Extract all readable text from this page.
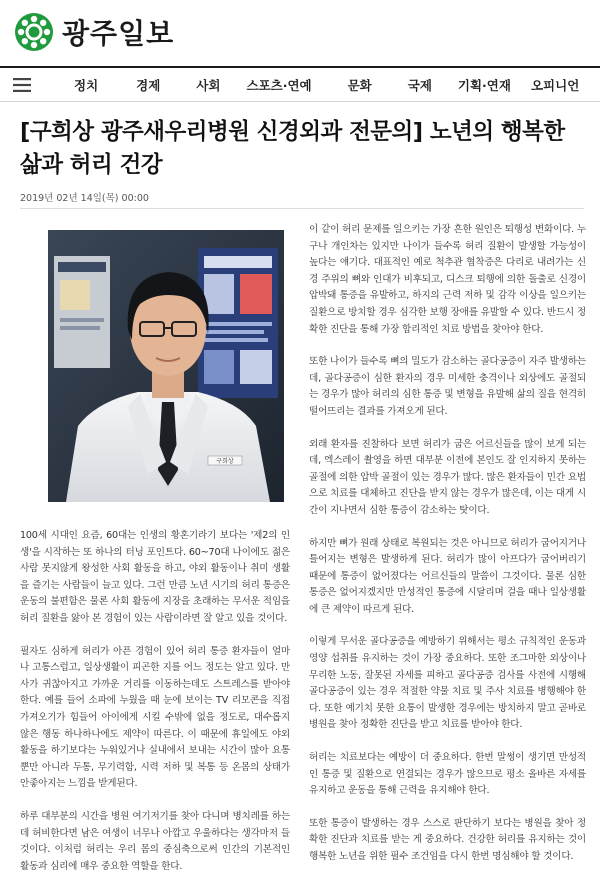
광주일보
정치	경제	사회 스포츠·연예	문화	국제 기획·연재 오피니언
[구희상 광주새우리병원 신경외과 전문의] 노년의 행복한 삶과 허리 건강
2019년 02년 14일(목) 00:00
구희상

100세 시대인 요즘, 60대는 인생의 황혼기라기 보다는 '제2의 인생'을 시작하는 또 하나의 터닝 포인트다. 60~70대 나이에도 젊은 사람 못지않게 왕성한 사회 활동을 하고, 야외 활동이나 취미 생활을 즐기는 사람들이 늘고 있다. 그런 만큼 노년 시기의 허리 통증은 운동의 불편함은 물론 사회 활동에 지장을 초래하는 무서운 적임을 허리 질환을 앓아 본 경험이 있는 사람이라면 잘 알고 있을 것이다.

필자도 심하게 허리가 아픈 경험이 있어 허리 통증 환자들이 얼마나 고통스럽고, 일상생활이 피곤한 지를 어느 정도는 알고 있다. 만사가 귀찮아지고 가까운 거리를 이동하는데도 스트레스를 받아야 한다. 예를 들어 소파에 누웠을 때 눈에 보이는 TV 리모콘을 직접 가져오기가 힘들어 아이에게 시킬 수밖에 없을 정도로, 대수롭지 않은 행동 하나하나에도 제약이 따른다. 이 때문에 휴일에도 야외 활동을 하기보다는 누워있거나 실내에서 보내는 시간이 많아 요통뿐만 아니라 두통, 무기력함, 시력 저하 및 복통 등 온몸의 상태가 안좋아지는 느낌을 받게된다.

하루 대부분의 시간을 병원 여기저기를 찾아 다니며 병치레를 하는데 허비한다면 남은 여생이 너무나 아깝고 우울하다는 생각마저 들 것이다. 이처럼 허리는 우리 몸의 중심축으로써 인간의 기본적인 활동과 심리에 매우 중요한 역할을 한다.

이 같이 허리 문제를 일으키는 가장 흔한 원인은 퇴행성 변화이다. 누구나 개인차는 있지만 나이가 들수록 허리 질환이 발생할 가능성이 높다는 얘기다. 대표적인 예로 척추관 협착증은 다리로 내려가는 신경 주위의 뼈와 인대가 비후되고, 디스크 퇴행에 의한 돌출로 신경이 압박돼 통증을 유발하고, 하지의 근력 저하 및 감각 이상을 일으키는 질환으로 방치할 경우 심각한 보행 장애를 유발할 수 있다. 반드시 정확한 진단을 통해 가장 합리적인 치료 방법을 찾아야 한다.

또한 나이가 들수록 뼈의 밀도가 감소하는 골다공증이 자주 발생하는데, 골다공증이 심한 환자의 경우 미세한 충격이나 외상에도 골절되는 경우가 많아 허리의 심한 통증 및 변형을 유발해 삶의 질을 현격히 떨어뜨리는 결과를 가져오게 된다.

외래 환자를 진찰하다 보면 허리가 굽은 어르신들을 많이 보게 되는데, 엑스레이 촬영을 하면 대부분 이전에 본인도 잘 인지하지 못하는 골절에 의한 압박 골절이 있는 경우가 많다. 많은 환자들이 민간 요법으로 치료를 대체하고 진단을 받지 않는 경우가 많은데, 이는 대게 시간이 지나면서 심한 통증이 감소하는 탓이다.

하지만 뼈가 원래 상태로 복원되는 것은 아니므로 허리가 굽어지거나 틀어지는 변형은 발생하게 된다. 허리가 많이 아프다가 굽어버리기 때문에 통증이 없어졌다는 어르신들의 말씀이 그것이다. 물론 심한 통증은 없어지겠지만 만성적인 통증에 시달리며 걸을 때나 일상생활에 큰 제약이 따르게 된다.

이렇게 무서운 골다공증을 예방하기 위해서는 평소 규칙적인 운동과 영양 섭취를 유지하는 것이 가장 중요하다. 또한 조그마한 외상이나 무리한 노동, 잘못된 자세를 피하고 골다공증 검사를 사전에 시행해 골다공증이 있는 경우 적절한 약물 치료 및 주사 치료를 병행해야 한다. 또한 예기치 못한 요통이 발생한 경우에는 방치하지 말고 곧바로 병원을 찾아 정확한 진단을 받고 치료를 받아야 한다.

허리는 치료보다는 예방이 더 중요하다. 한번 말썽이 생기면 만성적인 통증 및 질환으로 연결되는 경우가 많으므로 평소 올바른 자세를 유지하고 운동을 통해 근력을 유지해야 한다.

또한 통증이 발생하는 경우 스스로 판단하기 보다는 병원을 찾아 정확한 진단과 치료를 받는 게 중요하다. 건강한 허리를 유지하는 것이 행복한 노년을 위한 필수 조건임을 다시 한번 명심해야 할 것이다.
